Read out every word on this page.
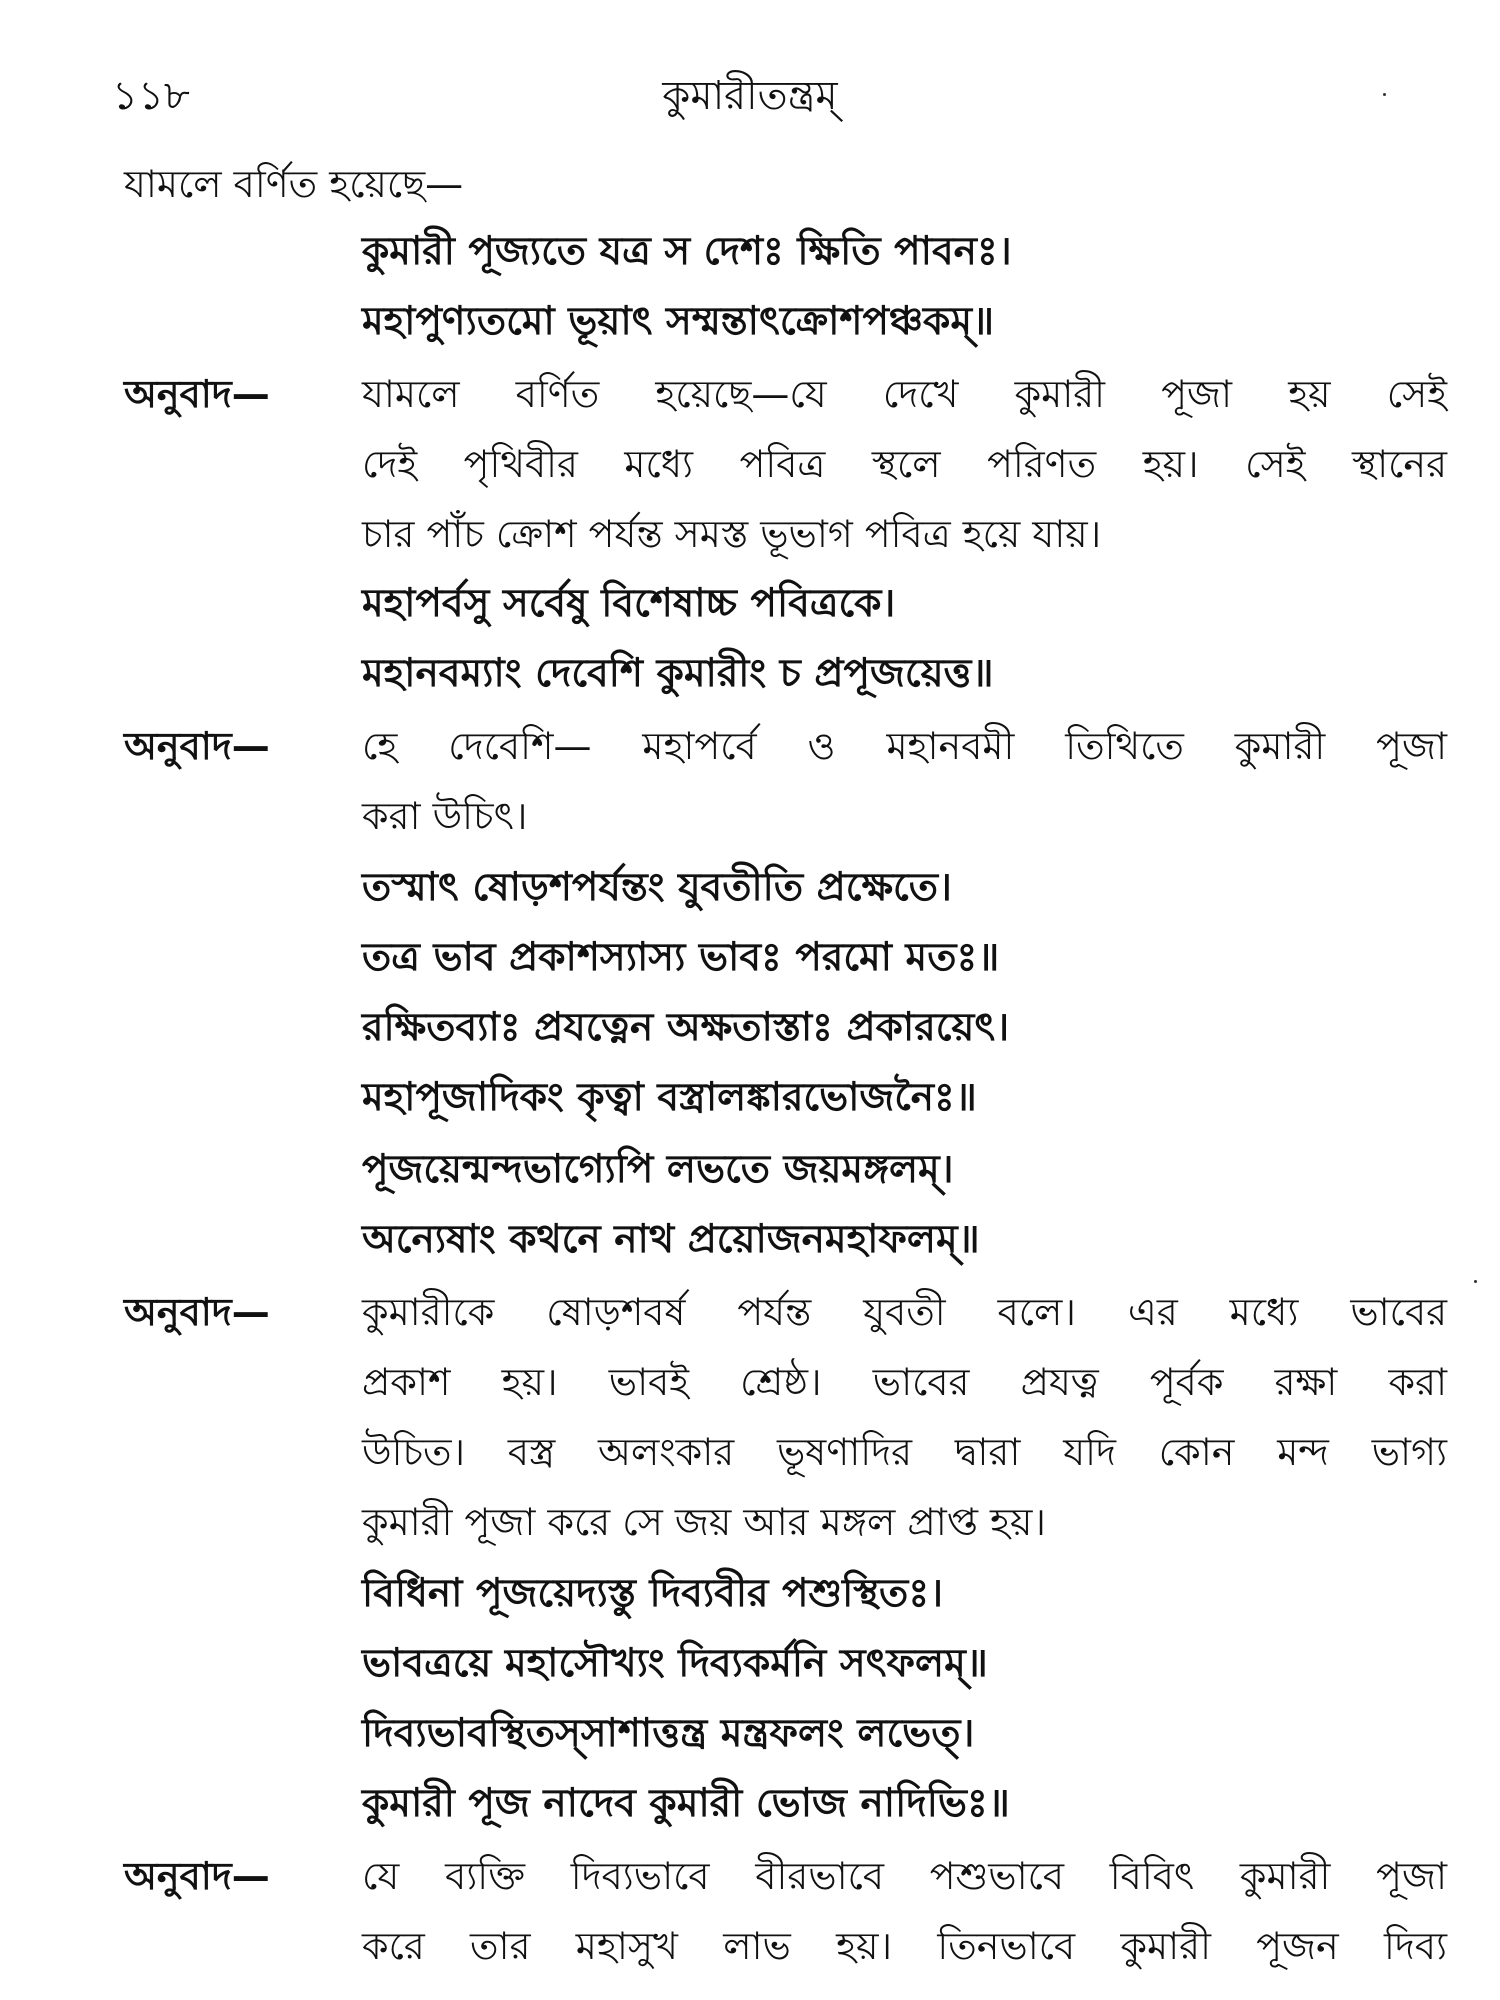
১১৮	কুমারীতন্ত্রম্
যামলে বর্ণিত হয়েছে—
কুমারী পূজ্যতে যত্র স দেশঃ ক্ষিতি পাবনঃ।
মহাপুণ্যতমো ভূয়াৎ সম্মন্তাৎক্রোশপঞ্চকম্॥
অনুবাদ— যামলে বর্ণিত হয়েছে—যে দেখে কুমারী পূজা হয় সেই
দেই পৃথিবীর মধ্যে পবিত্র স্থলে পরিণত হয়। সেই স্থানের
চার পাঁচ ক্রোশ পর্যন্ত সমস্ত ভূভাগ পবিত্র হয়ে যায়।
মহাপর্বসু সর্বেষু বিশেষাচ্চ পবিত্রকে।
মহানবম্যাং দেবেশি কুমারীং চ প্রপূজয়েত্ত॥
অনুবাদ— হে দেবেশি— মহাপর্বে ও মহানবমী তিথিতে কুমারী পূজা
করা উচিৎ।
তস্মাৎ ষোড়শপর্যন্তং যুবতীতি প্রক্ষেতে।
তত্র ভাব প্রকাশস্যাস্য ভাবঃ পরমো মতঃ॥
রক্ষিতব্যাঃ প্রযত্নেন অক্ষতাস্তাঃ প্রকারয়েৎ।
মহাপূজাদিকং কৃত্বা বস্ত্রালঙ্কারভোজনৈঃ॥
পূজয়েন্মন্দভাগ্যেপি লভতে জয়মঙ্গলম্।
অন্যেষাং কথনে নাথ প্রয়োজনমহাফলম্॥
অনুবাদ— কুমারীকে ষোড়শবর্ষ পর্যন্ত যুবতী বলে। এর মধ্যে ভাবের
প্রকাশ হয়। ভাবই শ্রেষ্ঠ। ভাবের প্রযত্ন পূর্বক রক্ষা করা
উচিত। বস্ত্র অলংকার ভূষণাদির দ্বারা যদি কোন মন্দ ভাগ্য
কুমারী পূজা করে সে জয় আর মঙ্গল প্রাপ্ত হয়।
বিধিনা পূজয়েদ্যস্তু দিব্যবীর পশুস্থিতঃ।
ভাবত্রয়ে মহাসৌখ্যং দিব্যকর্মনি সৎফলম্॥
দিব্যভাবস্থিতস্সাশাত্তন্ত্র মন্ত্রফলং লভেত্।
কুমারী পূজ নাদেব কুমারী ভোজ নাদিভিঃ॥
অনুবাদ— যে ব্যক্তি দিব্যভাবে বীরভাবে পশুভাবে বিবিৎ কুমারী পূজা
করে তার মহাসুখ লাভ হয়। তিনভাবে কুমারী পূজন দিব্য
